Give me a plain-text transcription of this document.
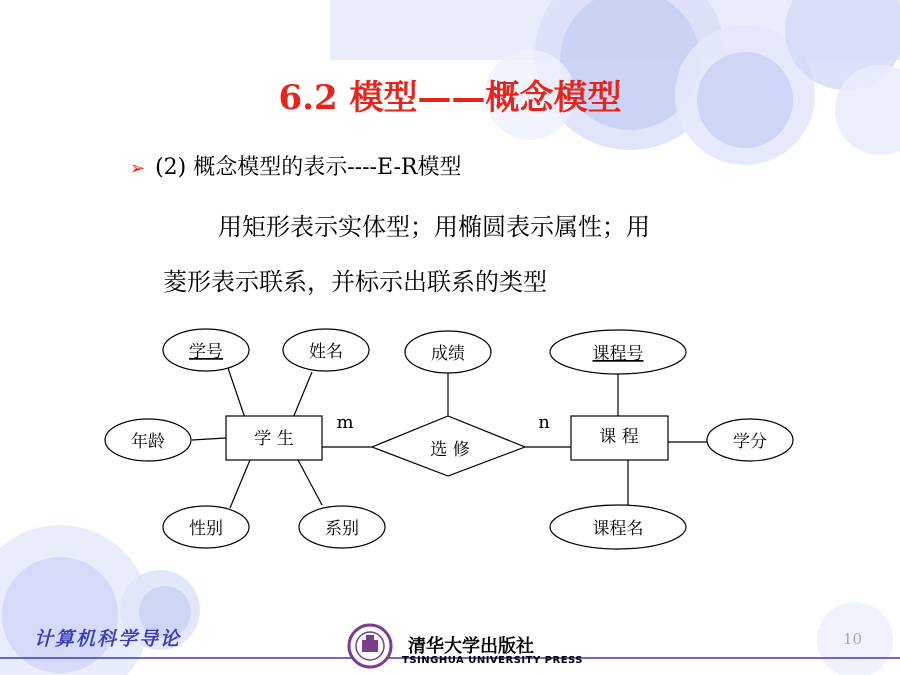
6.2 模型——概念模型
➢ (2) 概念模型的表示----E-R模型
用矩形表示实体型；用椭圆表示属性；用
菱形表示联系，并标示出联系的类型
学 生	课 程
选 修
学号	姓名
年龄
性别	系别
成绩	课程号
课程名
学分
m	n
计算机科学导论	清华大学出版社
TSINGHUA UNIVERSITY PRESS
10
